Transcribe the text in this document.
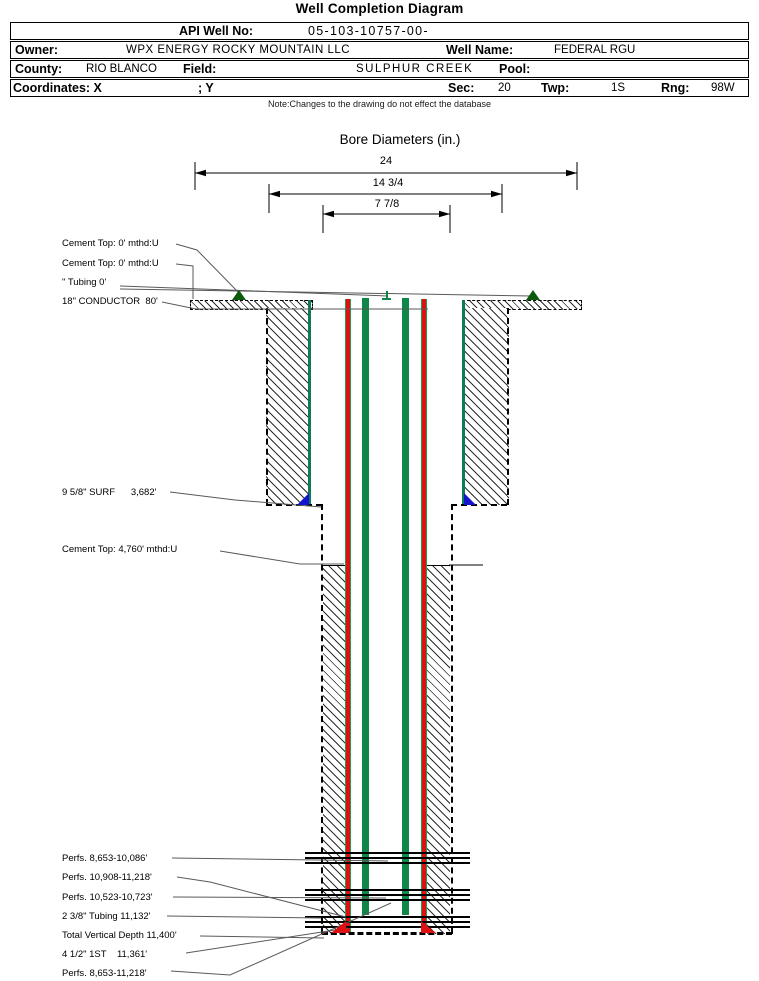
Well Completion Diagram
API Well No:	05-103-10757-00-
Owner:	WPX ENERGY ROCKY MOUNTAIN LLC	Well Name:	FEDERAL RGU
County: RIO BLANCO Field:	SULPHUR CREEK Pool:
Coordinates: X	; Y	Sec: 20 Twp:	1S	Rng: 98W
Note:Changes to the drawing do not effect the database
Bore Diameters (in.)
24
14 3/4
7 7/8
Cement Top: 0' mthd:U
Cement Top: 0' mthd:U
" Tubing 0'
18" CONDUCTOR  80'
9 5/8" SURF      3,682'
Cement Top: 4,760' mthd:U
Perfs. 8,653-10,086'
Perfs. 10,908-11,218'
Perfs. 10,523-10,723'
2 3/8" Tubing 11,132'
Total Vertical Depth 11,400'
4 1/2" 1ST    11,361'
Perfs. 8,653-11,218'
